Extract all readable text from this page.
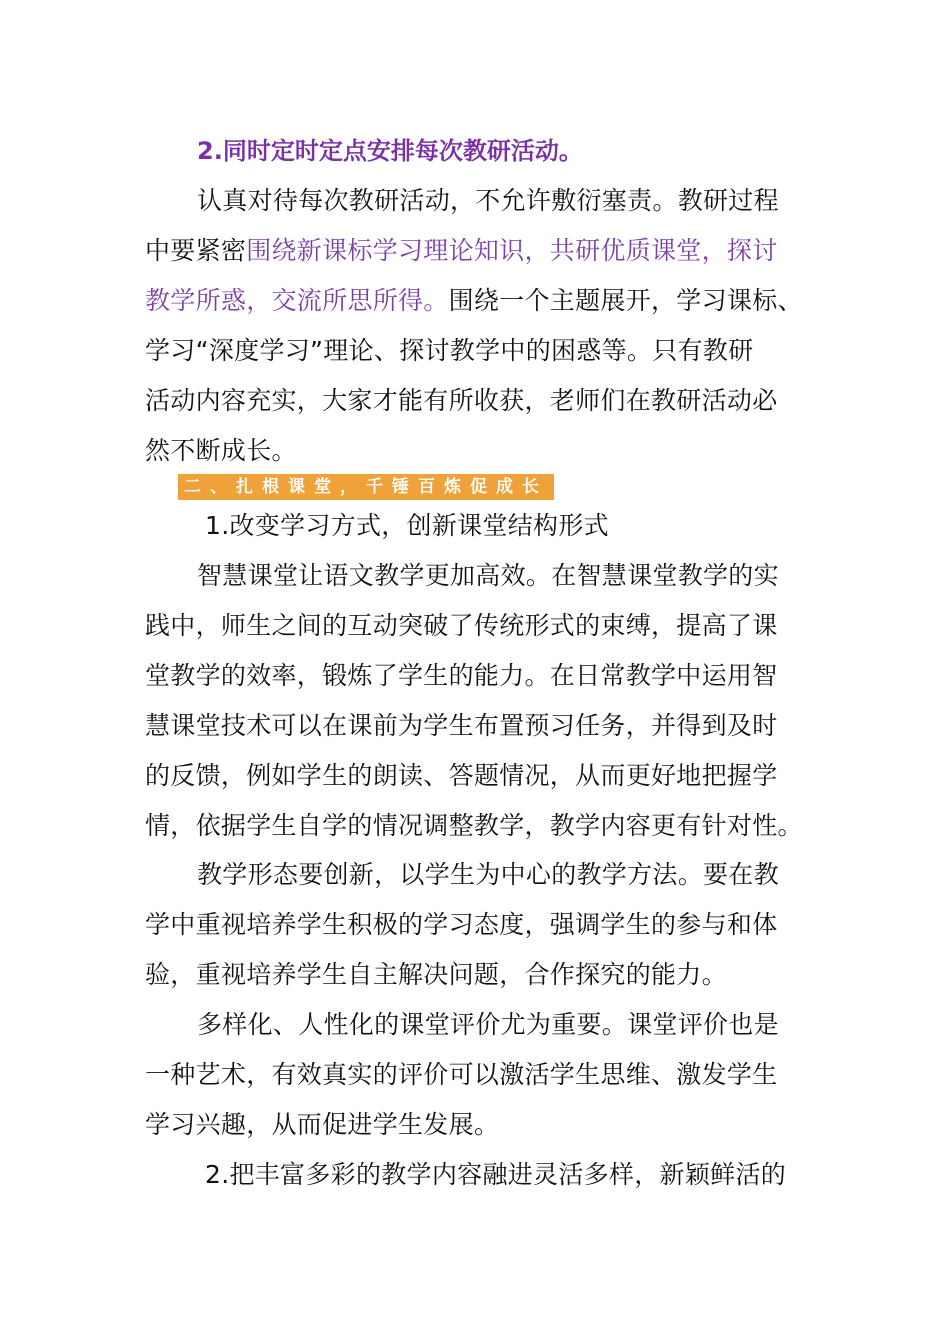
2.同时定时定点安排每次教研活动。
认真对待每次教研活动，不允许敷衍塞责。教研过程
中要紧密围绕新课标学习理论知识，共研优质课堂，探讨
教学所惑，交流所思所得。围绕一个主题展开，学习课标、
学习“深度学习”理论、探讨教学中的困惑等。只有教研
活动内容充实，大家才能有所收获，老师们在教研活动必
然不断成长。
二、扎根课堂，千锤百炼促成长
1.改变学习方式，创新课堂结构形式
智慧课堂让语文教学更加高效。在智慧课堂教学的实
践中，师生之间的互动突破了传统形式的束缚，提高了课
堂教学的效率，锻炼了学生的能力。在日常教学中运用智
慧课堂技术可以在课前为学生布置预习任务，并得到及时
的反馈，例如学生的朗读、答题情况，从而更好地把握学
情，依据学生自学的情况调整教学，教学内容更有针对性。
教学形态要创新，以学生为中心的教学方法。要在教
学中重视培养学生积极的学习态度，强调学生的参与和体
验，重视培养学生自主解决问题，合作探究的能力。
多样化、人性化的课堂评价尤为重要。课堂评价也是
一种艺术，有效真实的评价可以激活学生思维、激发学生
学习兴趣，从而促进学生发展。
2.把丰富多彩的教学内容融进灵活多样，新颖鲜活的
